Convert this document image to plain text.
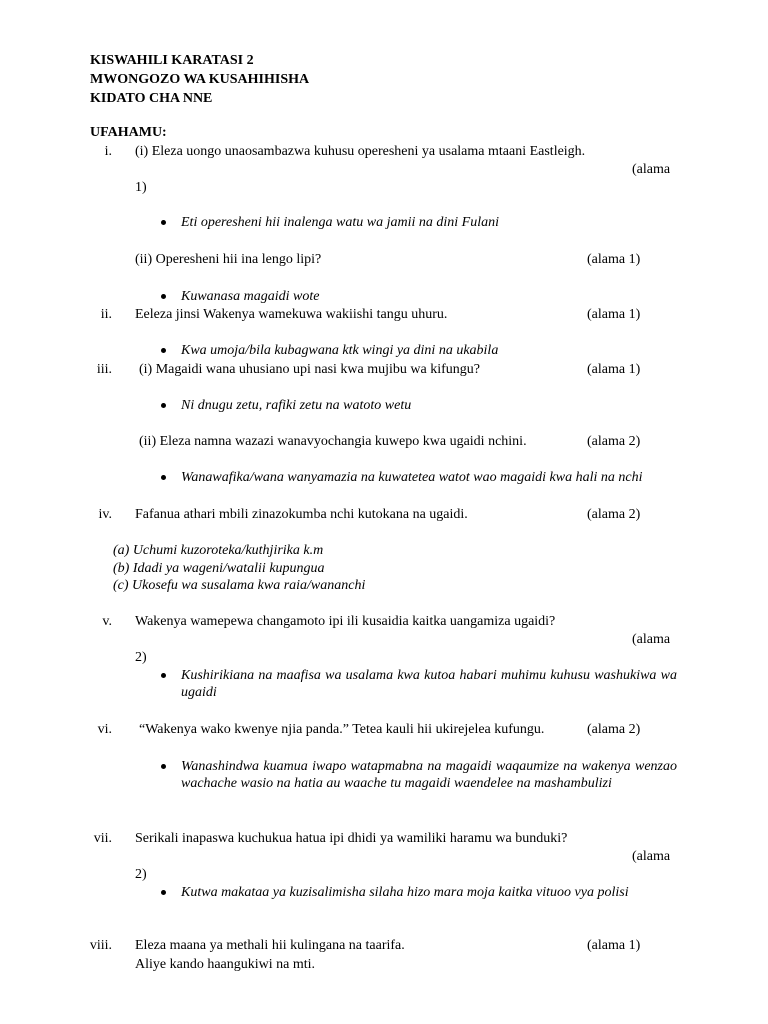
KISWAHILI KARATASI 2
MWONGOZO WA KUSAHIHISHA
KIDATO CHA NNE
UFAHAMU:
i. (i) Eleza uongo unaosambazwa kuhusu operesheni ya usalama mtaani Eastleigh.
(alama
1)
Eti operesheni hii inalenga watu wa jamii na dini Fulani
(ii) Operesheni hii ina lengo lipi?	(alama 1)
Kuwanasa magaidi wote
ii. Eeleza jinsi Wakenya wamekuwa wakiishi tangu uhuru.	(alama 1)
Kwa umoja/bila kubagwana ktk wingi ya dini na ukabila
iii. (i) Magaidi wana uhusiano upi nasi kwa mujibu wa kifungu?	(alama 1)
Ni dnugu zetu, rafiki zetu na watoto wetu
(ii) Eleza namna wazazi wanavyochangia kuwepo kwa ugaidi nchini.	(alama 2)
Wanawafika/wana wanyamazia na kuwatetea watot wao magaidi kwa hali na nchi
iv. Fafanua athari mbili zinazokumba nchi kutokana na ugaidi.	(alama 2)
(a) Uchumi kuzoroteka/kuthjirika k.m
(b) Idadi ya wageni/watalii kupungua
(c) Ukosefu wa susalama kwa raia/wananchi
v. Wakenya wamepewa changamoto ipi ili kusaidia kaitka uangamiza ugaidi?
(alama
2)
Kushirikiana na maafisa wa usalama kwa kutoa habari muhimu kuhusu washukiwa wa ugaidi
vi. “Wakenya wako kwenye njia panda.” Tetea kauli hii ukirejelea kufungu.	(alama 2)
Wanashindwa kuamua iwapo watapmabna na magaidi waqaumize na wakenya wenzao wachache wasio na hatia au waache tu magaidi waendelee na mashambulizi
vii. Serikali inapaswa kuchukua hatua ipi dhidi ya wamiliki haramu wa bunduki?
(alama
2)
Kutwa makataa ya kuzisalimisha silaha hizo mara moja kaitka vituoo vya polisi
viii. Eleza maana ya methali hii kulingana na taarifa.	(alama 1)
Aliye kando haangukiwi na mti.
